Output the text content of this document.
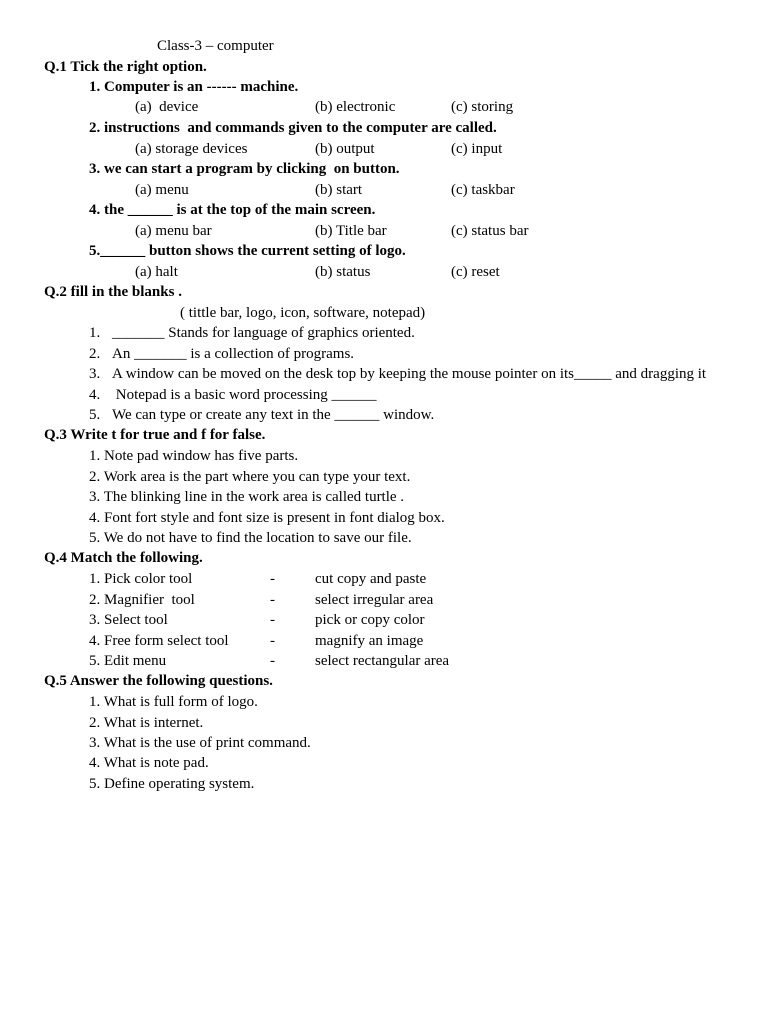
Class-3 – computer
Q.1 Tick the right option.
1. Computer is an ------ machine.
(a)  device	(b) electronic	(c) storing
2. instructions  and commands given to the computer are called.
(a) storage devices	(b) output	(c) input
3. we can start a program by clicking  on button.
(a) menu	(b) start	(c) taskbar
4. the ______ is at the top of the main screen.
(a) menu bar	(b) Title bar	(c) status bar
5.______ button shows the current setting of logo.
(a) halt	(b) status	(c) reset
Q.2 fill in the blanks .
( tittle bar, logo, icon, software, notepad)
1. _______ Stands for language of graphics oriented.
2. An _______ is a collection of programs.
3. A window can be moved on the desk top by keeping the mouse pointer on its_____ and dragging it
4. Notepad is a basic word processing ______
5. We can type or create any text in the ______ window.
Q.3 Write t for true and f for false.
1. Note pad window has five parts.
2. Work area is the part where you can type your text.
3. The blinking line in the work area is called turtle .
4. Font fort style and font size is present in font dialog box.
5. We do not have to find the location to save our file.
Q.4 Match the following.
1. Pick color tool	-	cut copy and paste
2. Magnifier  tool	-	select irregular area
3. Select tool	-	pick or copy color
4. Free form select tool	-	magnify an image
5. Edit menu	-	select rectangular area
Q.5 Answer the following questions.
1. What is full form of logo.
2. What is internet.
3. What is the use of print command.
4. What is note pad.
5. Define operating system.
